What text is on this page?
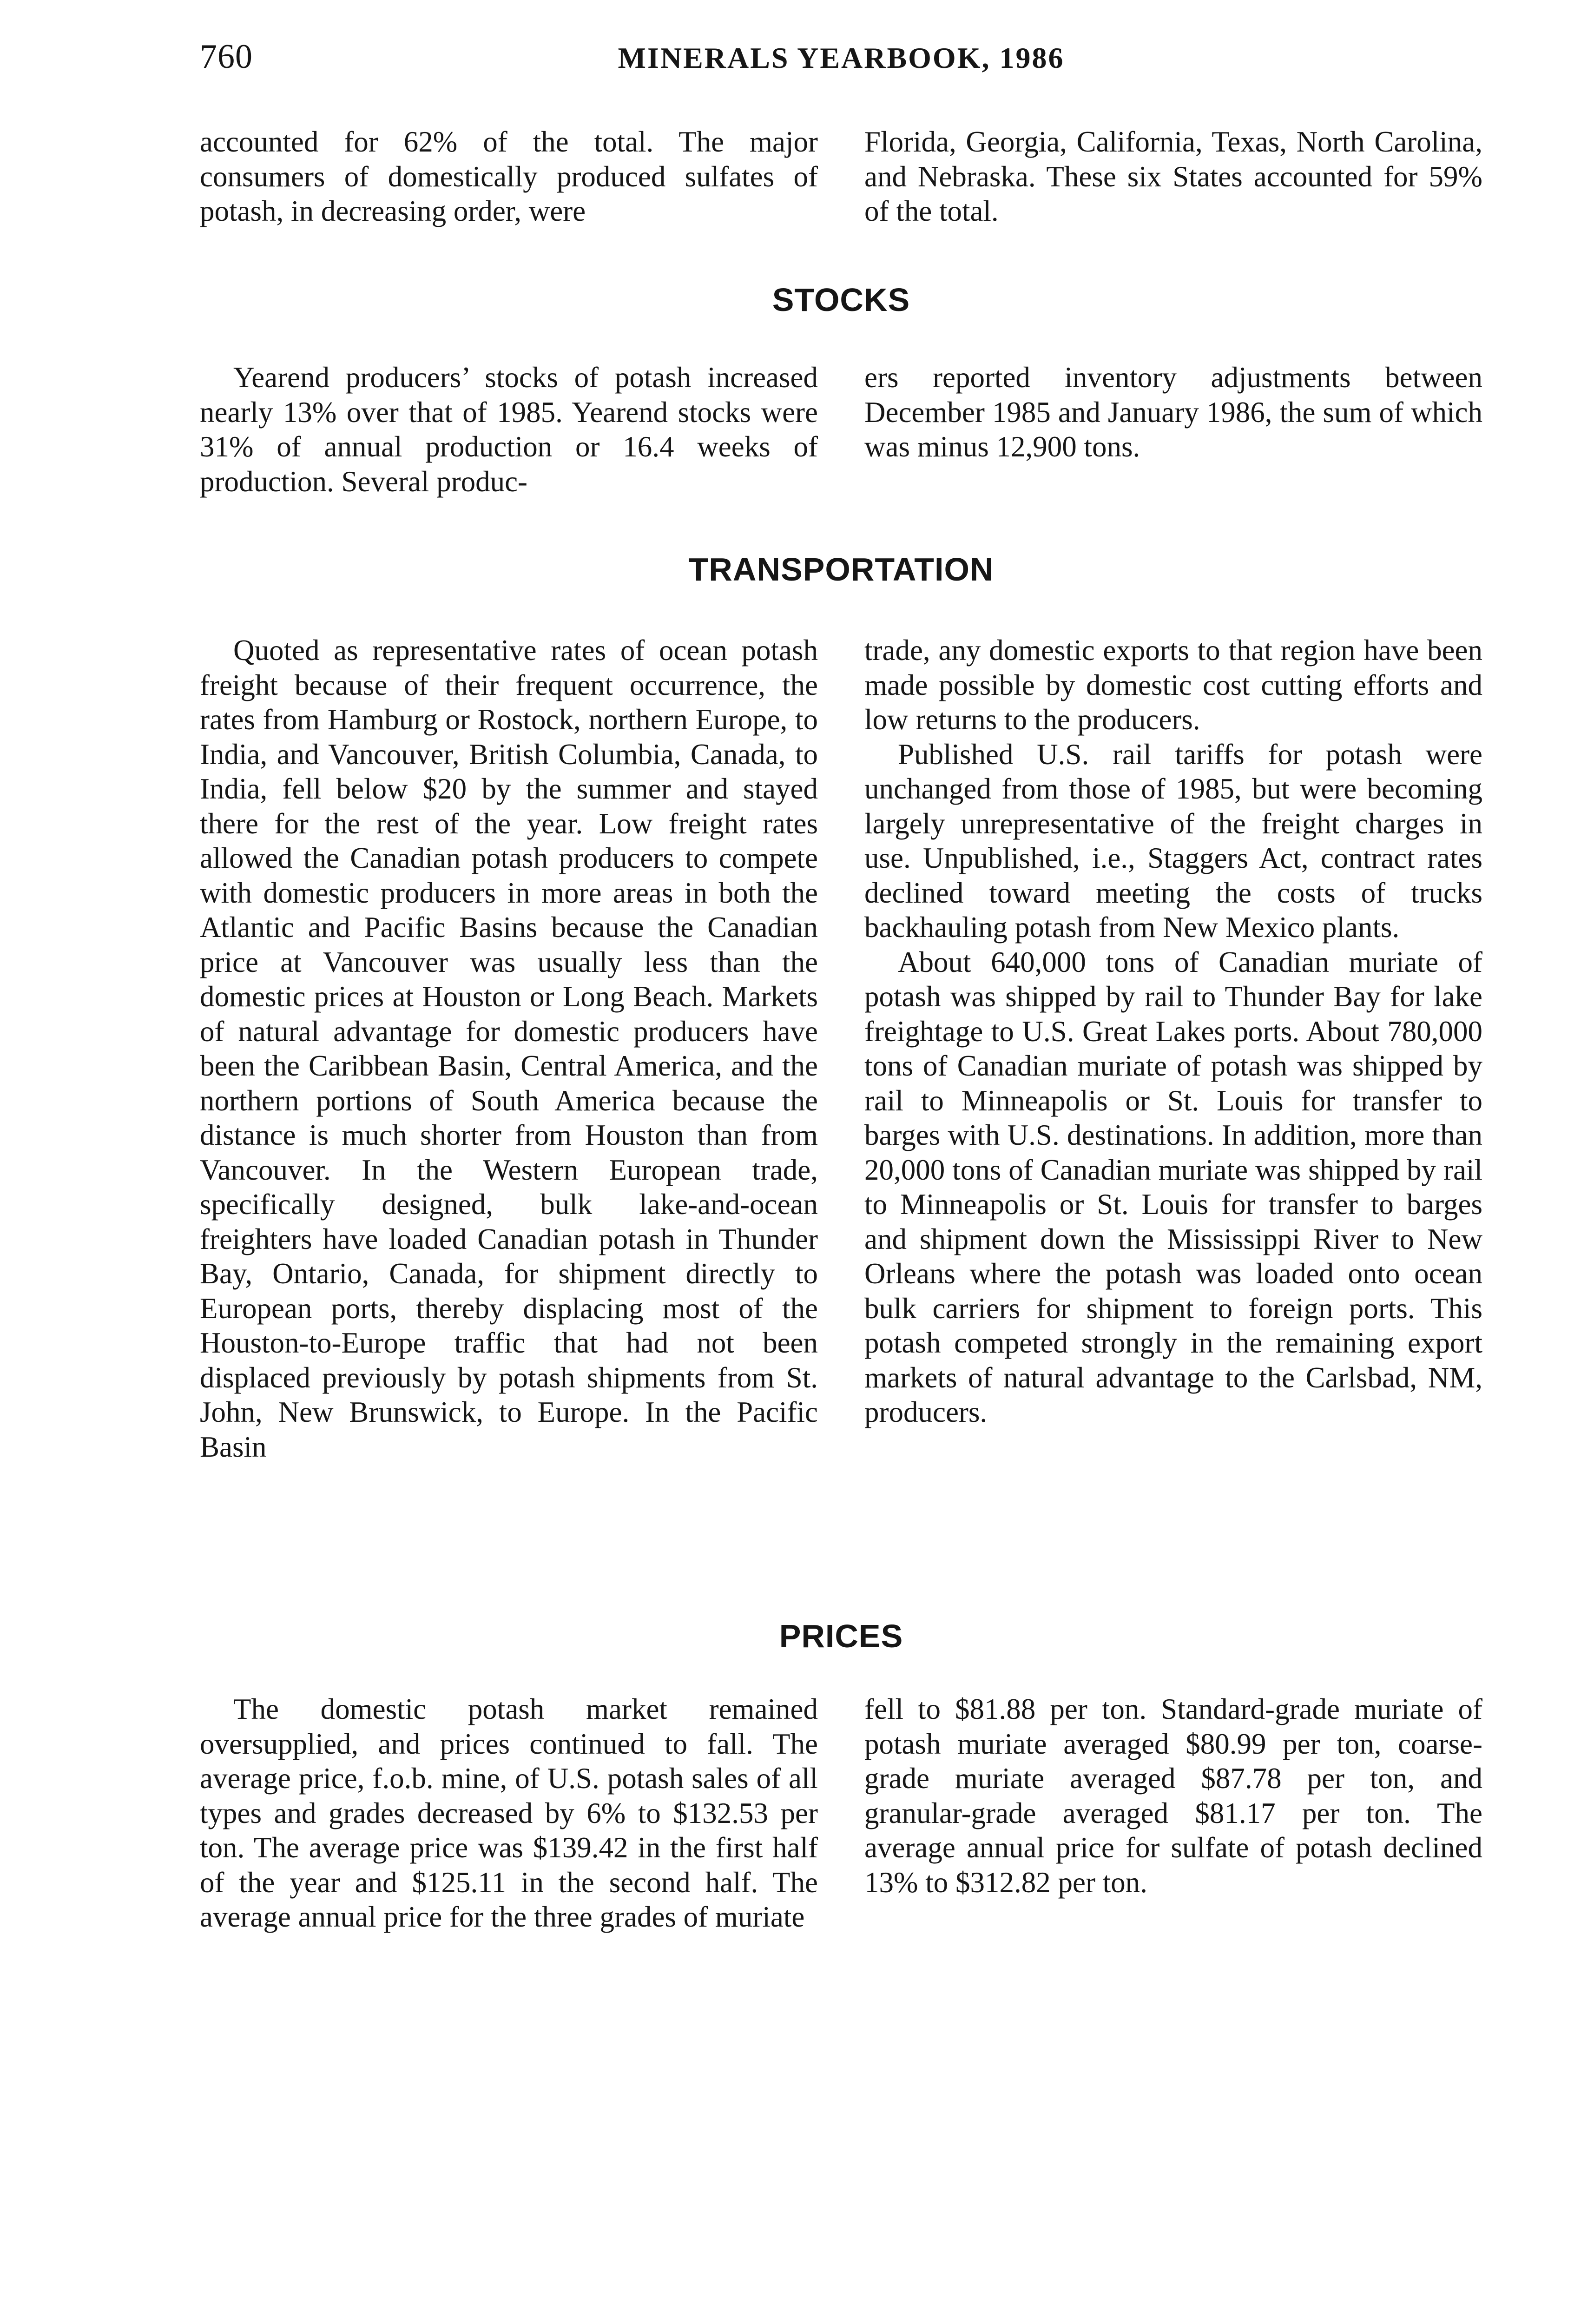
760	MINERALS YEARBOOK, 1986

accounted for 62% of the total. The major consumers of domestically produced sulfates of potash, in decreasing order, were

Florida, Georgia, California, Texas, North Carolina, and Nebraska. These six States accounted for 59% of the total.

STOCKS

Yearend producers’ stocks of potash increased nearly 13% over that of 1985. Yearend stocks were 31% of annual production or 16.4 weeks of production. Several produc-

ers reported inventory adjustments between December 1985 and January 1986, the sum of which was minus 12,900 tons.

TRANSPORTATION

Quoted as representative rates of ocean potash freight because of their frequent occurrence, the rates from Hamburg or Rostock, northern Europe, to India, and Vancouver, British Columbia, Canada, to India, fell below $20 by the summer and stayed there for the rest of the year. Low freight rates allowed the Canadian potash producers to compete with domestic producers in more areas in both the Atlantic and Pacific Basins because the Canadian price at Vancouver was usually less than the domestic prices at Houston or Long Beach. Markets of natural advantage for domestic producers have been the Caribbean Basin, Central America, and the northern portions of South America because the distance is much shorter from Houston than from Vancouver. In the Western European trade, specifically designed, bulk lake-and-ocean freighters have loaded Canadian potash in Thunder Bay, Ontario, Canada, for shipment directly to European ports, thereby displacing most of the Houston-to-Europe traffic that had not been displaced previously by potash shipments from St. John, New Brunswick, to Europe. In the Pacific Basin

trade, any domestic exports to that region have been made possible by domestic cost cutting efforts and low returns to the producers.

Published U.S. rail tariffs for potash were unchanged from those of 1985, but were becoming largely unrepresentative of the freight charges in use. Unpublished, i.e., Staggers Act, contract rates declined toward meeting the costs of trucks backhauling potash from New Mexico plants.

About 640,000 tons of Canadian muriate of potash was shipped by rail to Thunder Bay for lake freightage to U.S. Great Lakes ports. About 780,000 tons of Canadian muriate of potash was shipped by rail to Minneapolis or St. Louis for transfer to barges with U.S. destinations. In addition, more than 20,000 tons of Canadian muriate was shipped by rail to Minneapolis or St. Louis for transfer to barges and shipment down the Mississippi River to New Orleans where the potash was loaded onto ocean bulk carriers for shipment to foreign ports. This potash competed strongly in the remaining export markets of natural advantage to the Carlsbad, NM, producers.

PRICES

The domestic potash market remained oversupplied, and prices continued to fall. The average price, f.o.b. mine, of U.S. potash sales of all types and grades decreased by 6% to $132.53 per ton. The average price was $139.42 in the first half of the year and $125.11 in the second half. The average annual price for the three grades of muriate

fell to $81.88 per ton. Standard-grade muriate of potash muriate averaged $80.99 per ton, coarse-grade muriate averaged $87.78 per ton, and granular-grade averaged $81.17 per ton. The average annual price for sulfate of potash declined 13% to $312.82 per ton.
